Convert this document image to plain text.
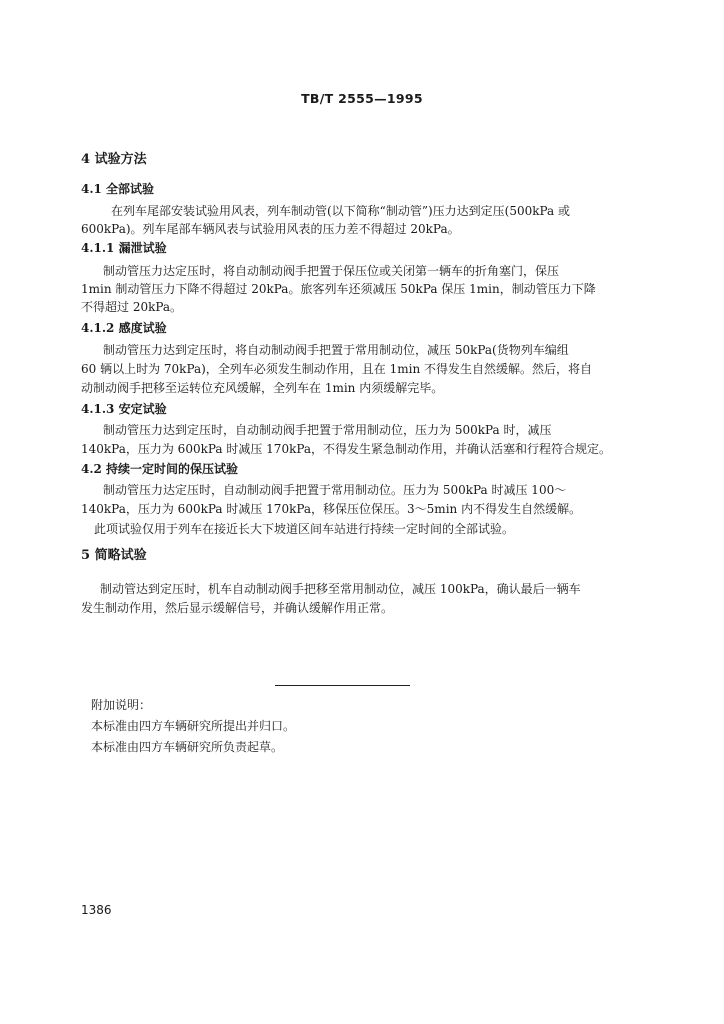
TB/T 2555—1995
4 试验方法
4.1 全部试验
在列车尾部安装试验用风表，列车制动管(以下简称“制动管”)压力达到定压(500kPa 或
600kPa)。列车尾部车辆风表与试验用风表的压力差不得超过 20kPa。
4.1.1 漏泄试验
制动管压力达定压时，将自动制动阀手把置于保压位或关闭第一辆车的折角塞门，保压
1min 制动管压力下降不得超过 20kPa。旅客列车还须减压 50kPa 保压 1min，制动管压力下降
不得超过 20kPa。
4.1.2 感度试验
制动管压力达到定压时，将自动制动阀手把置于常用制动位，减压 50kPa(货物列车编组
60 辆以上时为 70kPa)，全列车必须发生制动作用，且在 1min 不得发生自然缓解。然后，将自
动制动阀手把移至运转位充风缓解，全列车在 1min 内须缓解完毕。
4.1.3 安定试验
制动管压力达到定压时，自动制动阀手把置于常用制动位，压力为 500kPa 时，减压
140kPa，压力为 600kPa 时减压 170kPa，不得发生紧急制动作用，并确认活塞和行程符合规定。
4.2 持续一定时间的保压试验
制动管压力达定压时，自动制动阀手把置于常用制动位。压力为 500kPa 时减压 100～
140kPa，压力为 600kPa 时减压 170kPa，移保压位保压。3～5min 内不得发生自然缓解。
此项试验仅用于列车在接近长大下坡道区间车站进行持续一定时间的全部试验。
5 简略试验
制动管达到定压时，机车自动制动阀手把移至常用制动位，减压 100kPa，确认最后一辆车
发生制动作用，然后显示缓解信号，并确认缓解作用正常。
附加说明：
本标准由四方车辆研究所提出并归口。
本标准由四方车辆研究所负责起草。
1386
